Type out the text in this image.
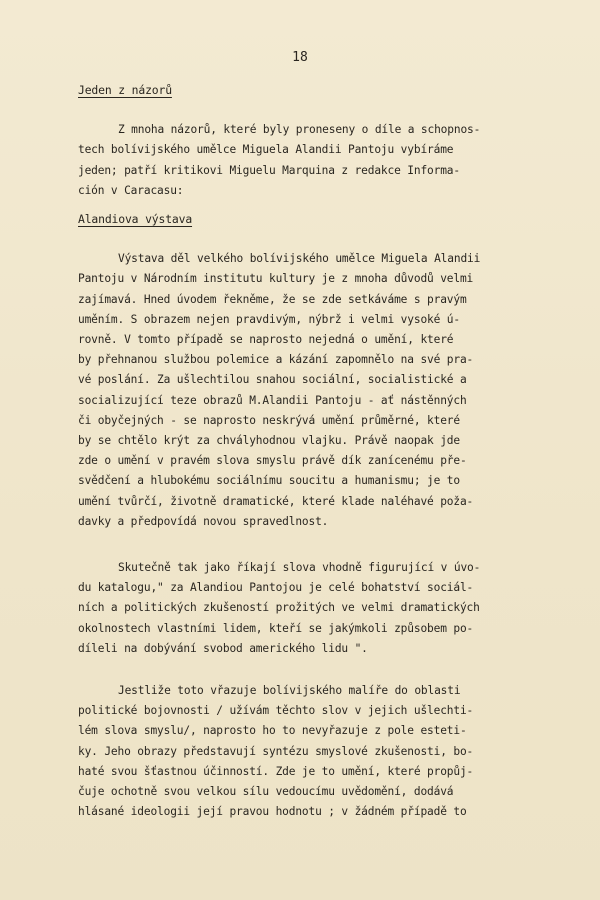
18
Jeden z názorů
Z mnoha názorů, které byly proneseny o díle a schopnos-
tech bolívijského umělce Miguela Alandii Pantoju vybíráme
jeden; patří kritikovi Miguelu Marquina z redakce Informa-
ción v Caracasu:
Alandiova výstava
Výstava děl velkého bolívijského umělce Miguela Alandii
Pantoju v Národním institutu kultury je z mnoha důvodů velmi
zajímavá. Hned úvodem řekněme, že se zde setkáváme s pravým
uměním. S obrazem nejen pravdivým, nýbrž i velmi vysoké ú-
rovně. V tomto případě se naprosto nejedná o umění, které
by přehnanou službou polemice a kázání zapomnělo na své pra-
vé poslání. Za ušlechtilou snahou sociální, socialistické a
socializující teze obrazů M.Alandii Pantoju - ať nástěnných
či obyčejných - se naprosto neskrývá umění průměrné, které
by se chtělo krýt za chvályhodnou vlajku. Právě naopak jde
zde o umění v pravém slova smyslu právě dík zanícenému pře-
svědčení a hlubokému sociálnímu soucitu a humanismu; je to
umění tvůrčí, životně dramatické, které klade naléhavé poža-
davky a předpovídá novou spravedlnost.
Skutečně tak jako říkají slova vhodně figurující v úvo-
du katalogu," za Alandiou Pantojou je celé bohatství sociál-
ních a politických zkušeností prožitých ve velmi dramatických
okolnostech vlastními lidem, kteří se jakýmkoli způsobem po-
díleli na dobývání svobod amerického lidu ".
Jestliže toto vřazuje bolívijského malíře do oblasti
politické bojovnosti / užívám těchto slov v jejich ušlechti-
lém slova smyslu/, naprosto ho to nevyřazuje z pole esteti-
ky. Jeho obrazy představují syntézu smyslové zkušenosti, bo-
haté svou šťastnou účinností. Zde je to umění, které propůj-
čuje ochotně svou velkou sílu vedoucímu uvědomění, dodává
hlásané ideologii její pravou hodnotu ; v žádném případě to
